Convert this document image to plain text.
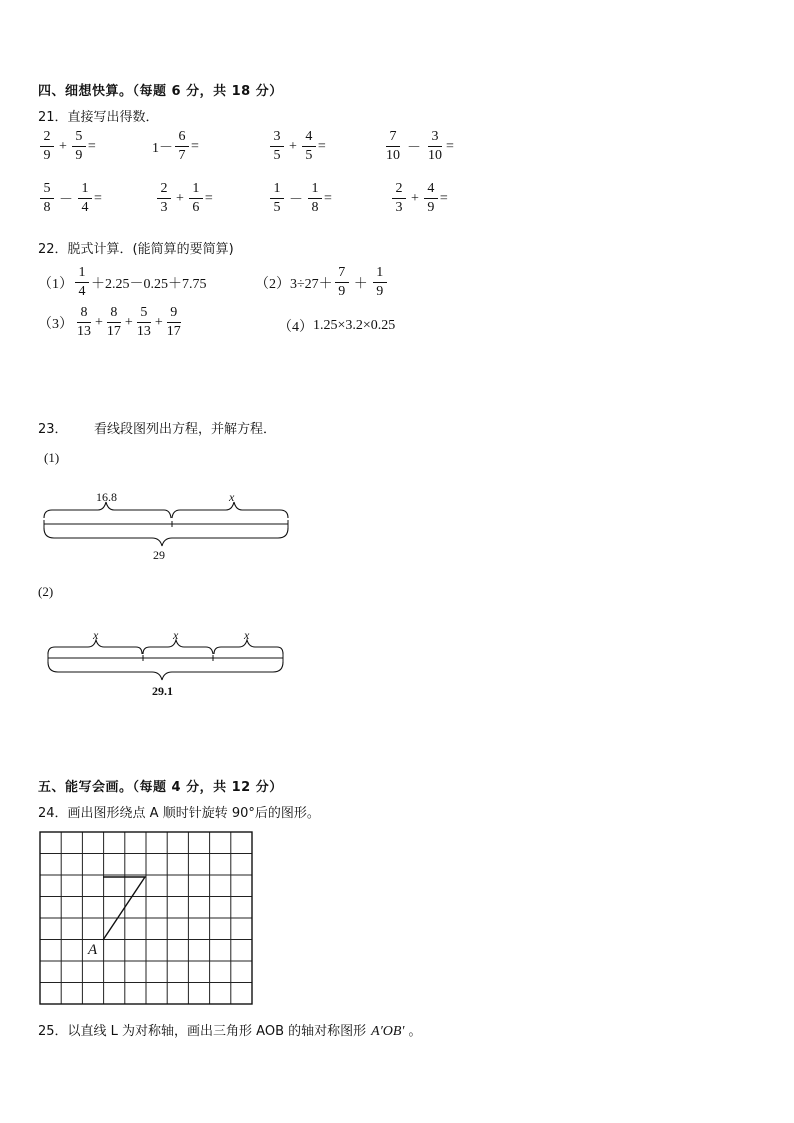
四、细想快算。（每题 6 分，共 18 分）
21．直接写出得数．
$\frac{2}{9} + \frac{5}{9}$ =	$1- \frac{6}{7}$ =	$\frac{3}{5} + \frac{4}{5}$ =	$\frac{7}{10} - \frac{3}{10}$ =
$\frac{5}{8} - \frac{1}{4}$ =	$\frac{2}{3} + \frac{1}{6}$ =	$\frac{1}{5} - \frac{1}{8}$ =	$\frac{2}{3} + \frac{4}{9}$ =
22．脱式计算．(能简算的要简算)
$(1) \frac{1}{4} +2.25-0.25+7.75$	（2） $3\div 27+ \frac{7}{9} + \frac{1}{9}$
$(3) \frac{8}{13} + \frac{8}{17} + \frac{5}{13} + \frac{9}{17}$	（4） 1.25×3.2×0.25
23． 看线段图列出方程，并解方程．
(1)
16.8	x
29
(2)
x	x	x
29.1
五、能写会画。（每题 4 分，共 12 分）
24．画出图形绕点 A 顺时针旋转 90°后的图形。
A
25．以直线 L 为对称轴，画出三角形 AOB 的轴对称图形 A′OB′ 。
